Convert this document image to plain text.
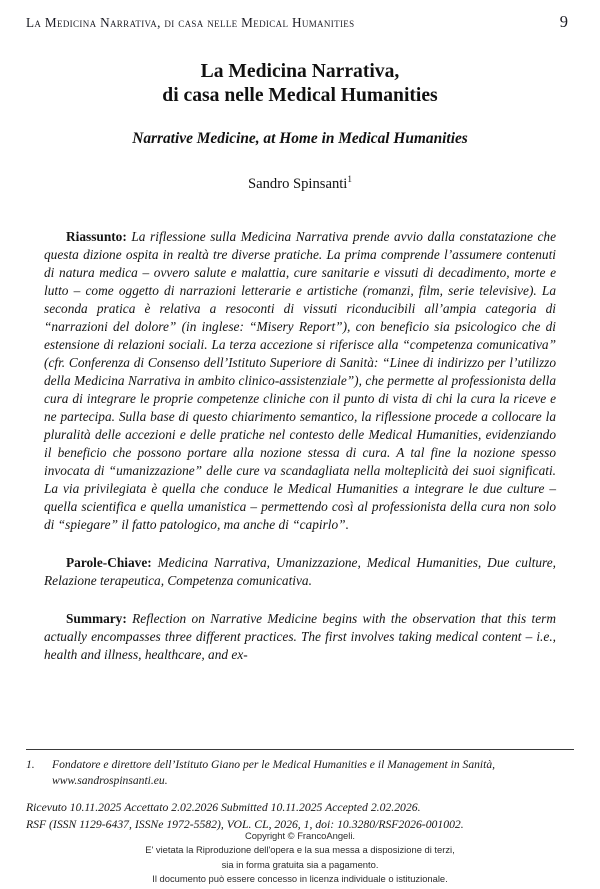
La Medicina Narrativa, di casa nelle Medical Humanities	9
La Medicina Narrativa,
di casa nelle Medical Humanities
Narrative Medicine, at Home in Medical Humanities
Sandro Spinsanti$^1$

Riassunto: La riflessione sulla Medicina Narrativa prende avvio dalla constatazione che questa dizione ospita in realtà tre diverse pratiche. La prima comprende l’assumere contenuti di natura medica – ovvero salute e malattia, cure sanitarie e vissuti di decadimento, morte e lutto – come oggetto di narrazioni letterarie e artistiche (romanzi, film, serie televisive). La seconda pratica è relativa a resoconti di vissuti riconducibili all’ampia categoria di “narrazioni del dolore” (in inglese: “Misery Report”), con beneficio sia psicologico che di estensione di relazioni sociali. La terza accezione si riferisce alla “competenza comunicativa” (cfr. Conferenza di Consenso dell’Istituto Superiore di Sanità: “Linee di indirizzo per l’utilizzo della Medicina Narrativa in ambito clinico-assistenziale”), che permette al professionista della cura di integrare le proprie competenze cliniche con il punto di vista di chi la cura la riceve e ne partecipa. Sulla base di questo chiarimento semantico, la riflessione procede a collocare la pluralità delle accezioni e delle pratiche nel contesto delle Medical Humanities, evidenziando il beneficio che possono portare alla nozione stessa di cura. A tal fine la nozione spesso invocata di “umanizzazione” delle cure va scandagliata nella molteplicità dei suoi significati. La via privilegiata è quella che conduce le Medical Humanities a integrare le due culture – quella scientifica e quella umanistica – permettendo così al professionista della cura non solo di “spiegare” il fatto patologico, ma anche di “capirlo”.

Parole-Chiave: Medicina Narrativa, Umanizzazione, Medical Humanities, Due culture, Relazione terapeutica, Competenza comunicativa.

Summary: Reflection on Narrative Medicine begins with the observation that this term actually encompasses three different practices. The first involves taking medical content – i.e., health and illness, healthcare, and ex-

1. Fondatore e direttore dell’Istituto Giano per le Medical Humanities e il Management in Sanità, www.sandrospinsanti.eu.
Ricevuto 10.11.2025 Accettato 2.02.2026 Submitted 10.11.2025 Accepted 2.02.2026.
RSF (ISSN 1129-6437, ISSNe 1972-5582), VOL. CL, 2026, 1, doi: 10.3280/RSF2026-001002.
Copyright © FrancoAngeli.
E' vietata la Riproduzione dell'opera e la sua messa a disposizione di terzi,
sia in forma gratuita sia a pagamento.
Il documento può essere concesso in licenza individuale o istituzionale.
